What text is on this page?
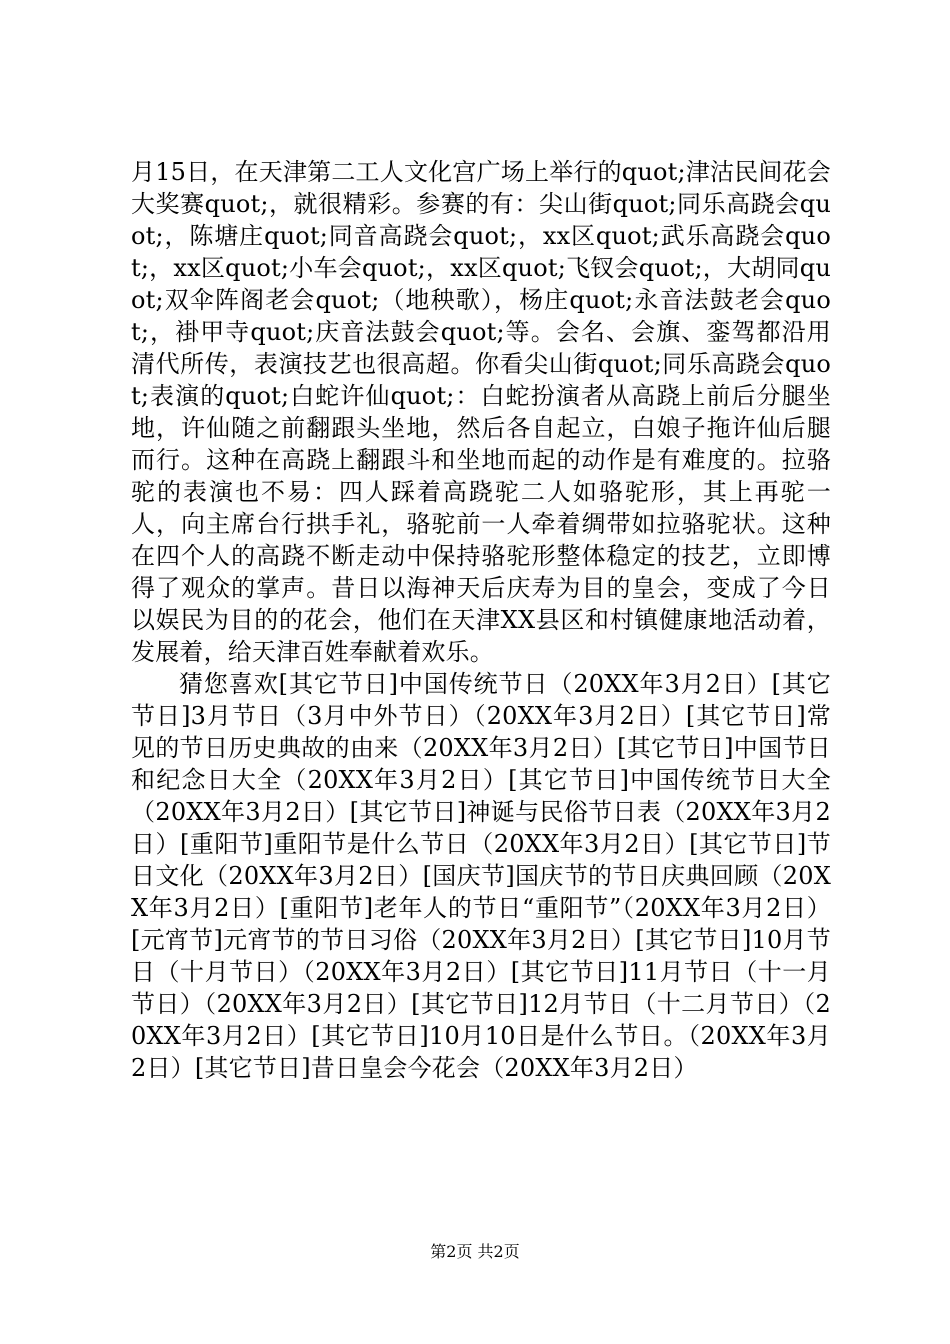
月15日，在天津第二工人文化宫广场上举行的quot;津沽民间花会大奖赛quot;，就很精彩。参赛的有：尖山街quot;同乐高跷会quot;，陈塘庄quot;同音高跷会quot;，xx区quot;武乐高跷会quot;，xx区quot;小车会quot;，xx区quot;飞钗会quot;，大胡同quot;双伞阵阁老会quot;（地秧歌），杨庄quot;永音法鼓老会quot;，褂甲寺quot;庆音法鼓会quot;等。会名、会旗、銮驾都沿用清代所传，表演技艺也很高超。你看尖山街quot;同乐高跷会quot;表演的quot;白蛇许仙quot;：白蛇扮演者从高跷上前后分腿坐地，许仙随之前翻跟头坐地，然后各自起立，白娘子拖许仙后腿而行。这种在高跷上翻跟斗和坐地而起的动作是有难度的。拉骆驼的表演也不易：四人踩着高跷驼二人如骆驼形，其上再驼一人，向主席台行拱手礼，骆驼前一人牵着绸带如拉骆驼状。这种在四个人的高跷不断走动中保持骆驼形整体稳定的技艺，立即博得了观众的掌声。昔日以海神天后庆寿为目的皇会，变成了今日以娱民为目的的花会，他们在天津XX县区和村镇健康地活动着，发展着，给天津百姓奉献着欢乐。

猜您喜欢[其它节日]中国传统节日（20XX年3月2日）[其它节日]3月节日（3月中外节日）（20XX年3月2日）[其它节日]常见的节日历史典故的由来（20XX年3月2日）[其它节日]中国节日和纪念日大全（20XX年3月2日）[其它节日]中国传统节日大全（20XX年3月2日）[其它节日]神诞与民俗节日表（20XX年3月2日）[重阳节]重阳节是什么节日（20XX年3月2日）[其它节日]节日文化（20XX年3月2日）[国庆节]国庆节的节日庆典回顾（20XX年3月2日）[重阳节]老年人的节日“重阳节”（20XX年3月2日）[元宵节]元宵节的节日习俗（20XX年3月2日）[其它节日]10月节日（十月节日）（20XX年3月2日）[其它节日]11月节日（十一月节日）（20XX年3月2日）[其它节日]12月节日（十二月节日）（20XX年3月2日）[其它节日]10月10日是什么节日。（20XX年3月2日）[其它节日]昔日皇会今花会（20XX年3月2日）

第2页 共2页
